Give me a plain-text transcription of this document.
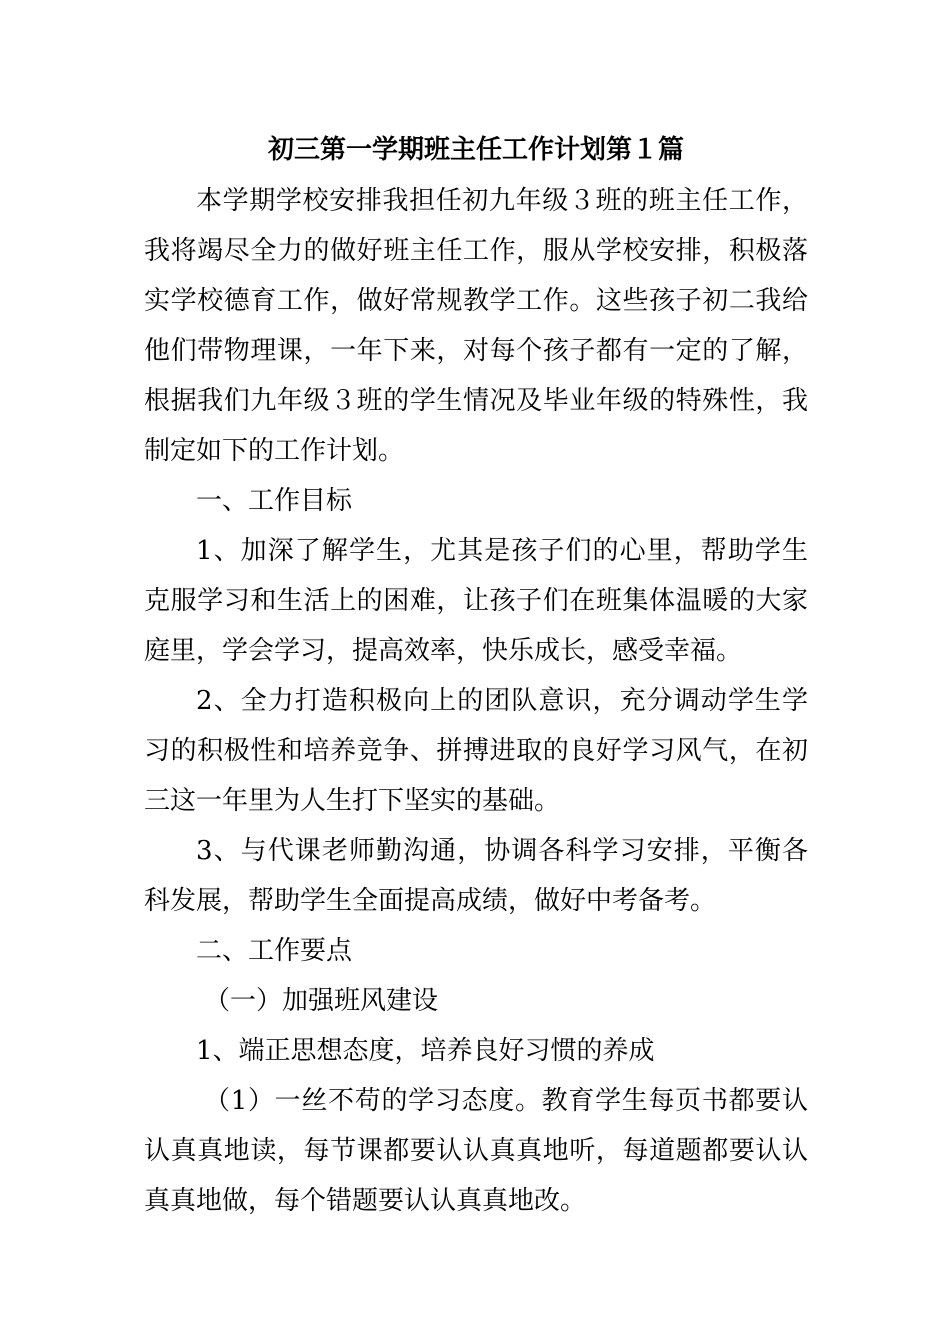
初三第一学期班主任工作计划第１篇

本学期学校安排我担任初九年级３班的班主任工作，我将竭尽全力的做好班主任工作，服从学校安排，积极落实学校德育工作，做好常规教学工作。这些孩子初二我给他们带物理课，一年下来，对每个孩子都有一定的了解，根据我们九年级３班的学生情况及毕业年级的特殊性，我制定如下的工作计划。

一、工作目标

1、加深了解学生，尤其是孩子们的心里，帮助学生克服学习和生活上的困难，让孩子们在班集体温暖的大家庭里，学会学习，提高效率，快乐成长，感受幸福。

2、全力打造积极向上的团队意识，充分调动学生学习的积极性和培养竞争、拼搏进取的良好学习风气，在初三这一年里为人生打下坚实的基础。

3、与代课老师勤沟通，协调各科学习安排，平衡各科发展，帮助学生全面提高成绩，做好中考备考。

二、工作要点

（一）加强班风建设

1、端正思想态度，培养良好习惯的养成

（1）一丝不苟的学习态度。教育学生每页书都要认认真真地读，每节课都要认认真真地听，每道题都要认认真真地做，每个错题要认认真真地改。
